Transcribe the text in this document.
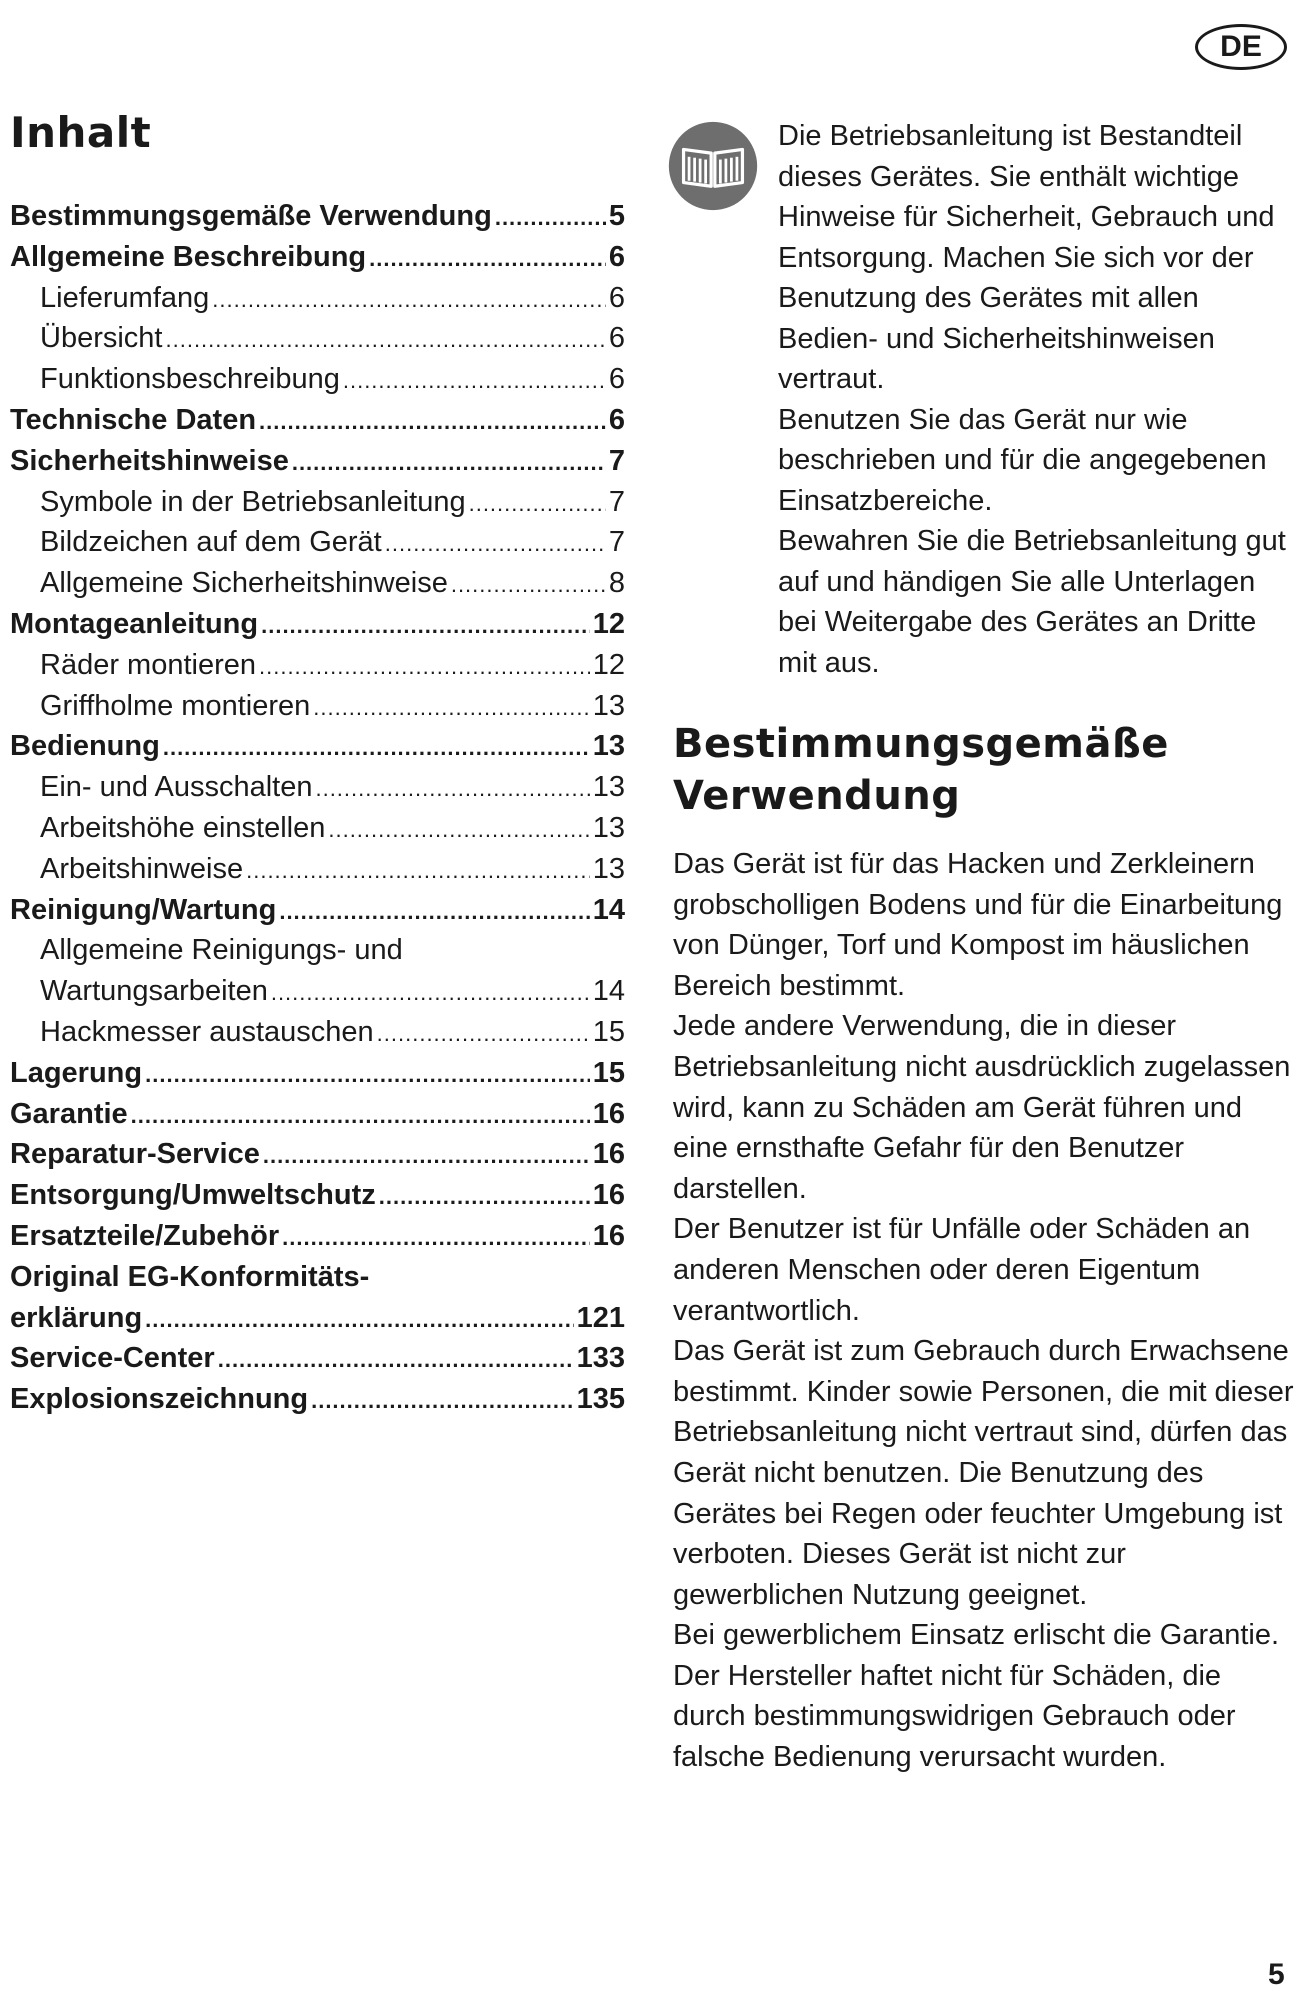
DE
Inhalt
Bestimmungsgemäße Verwendung .....	5
Allgemeine Beschreibung .....	6
Lieferumfang .....	6
Übersicht .....	6
Funktionsbeschreibung .....	6
Technische Daten .....	6
Sicherheitshinweise .....	7
Symbole in der Betriebsanleitung .....	7
Bildzeichen auf dem Gerät .....	7
Allgemeine Sicherheitshinweise .....	8
Montageanleitung .....	12
Räder montieren .....	12
Griffholme montieren .....	13
Bedienung .....	13
Ein- und Ausschalten .....	13
Arbeitshöhe einstellen .....	13
Arbeitshinweise .....	13
Reinigung/Wartung .....	14
Allgemeine Reinigungs- und
Wartungsarbeiten .....	14
Hackmesser austauschen .....	15
Lagerung .....	15
Garantie .....	16
Reparatur-Service .....	16
Entsorgung/Umweltschutz .....	16
Ersatzteile/Zubehör .....	16
Original EG-Konformitäts-
erklärung .....	121
Service-Center .....	133
Explosionszeichnung .....	135

Die Betriebsanleitung ist Bestandteil dieses Gerätes. Sie enthält wichtige Hinweise für Sicherheit, Gebrauch und Entsorgung. Machen Sie sich vor der Benutzung des Gerätes mit allen Bedien- und Sicherheitshinweisen vertraut.

Benutzen Sie das Gerät nur wie beschrieben und für die angegebenen Einsatzbereiche.

Bewahren Sie die Betriebsanleitung gut auf und händigen Sie alle Unterlagen bei Weitergabe des Gerätes an Dritte mit aus.

Bestimmungsgemäße
Verwendung

Das Gerät ist für das Hacken und Zerkleinern grobscholligen Bodens und für die Einarbeitung von Dünger, Torf und Kompost im häuslichen Bereich bestimmt.

Jede andere Verwendung, die in dieser Betriebsanleitung nicht ausdrücklich zugelassen wird, kann zu Schäden am Gerät führen und eine ernsthafte Gefahr für den Benutzer darstellen.

Der Benutzer ist für Unfälle oder Schäden an anderen Menschen oder deren Eigentum verantwortlich.

Das Gerät ist zum Gebrauch durch Erwachsene bestimmt. Kinder sowie Personen, die mit dieser Betriebsanleitung nicht vertraut sind, dürfen das Gerät nicht benutzen. Die Benutzung des Gerätes bei Regen oder feuchter Umgebung ist verboten. Dieses Gerät ist nicht zur gewerblichen Nutzung geeignet.

Bei gewerblichem Einsatz erlischt die Garantie.

Der Hersteller haftet nicht für Schäden, die durch bestimmungswidrigen Gebrauch oder falsche Bedienung verursacht wurden.

5
